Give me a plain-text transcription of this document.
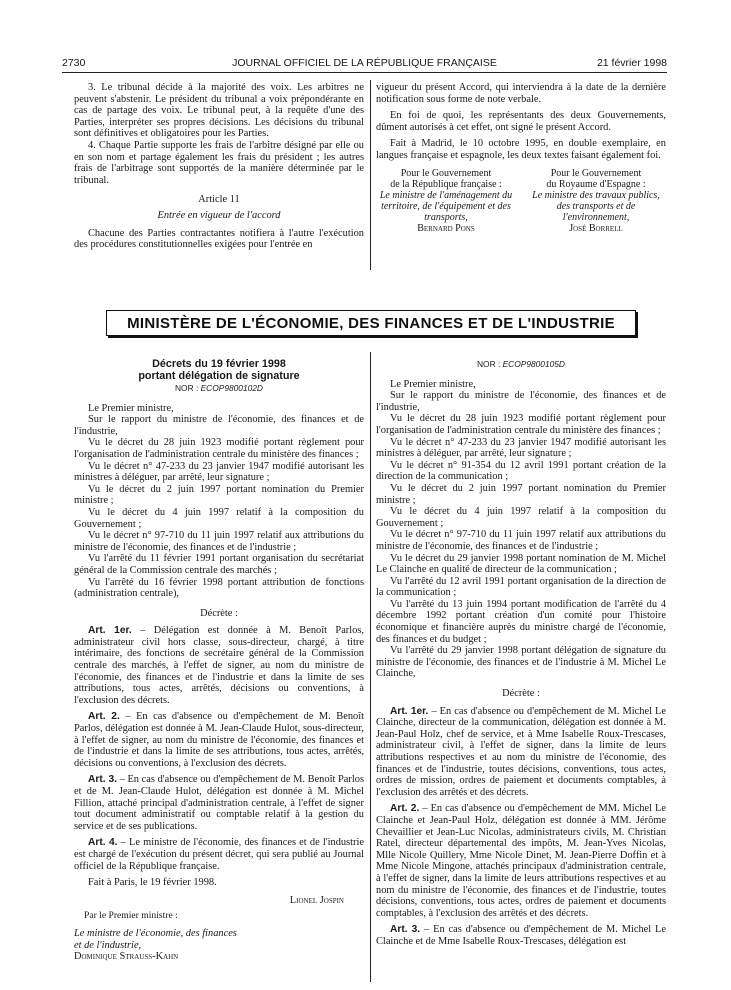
2730	JOURNAL OFFICIEL DE LA RÉPUBLIQUE FRANÇAISE	21 février 1998

3. Le tribunal décide à la majorité des voix. Les arbitres ne peuvent s'abstenir. Le président du tribunal a voix prépondérante en cas de partage des voix. Le tribunal peut, à la requête d'une des Parties, interpréter ses propres décisions. Les décisions du tribunal sont définitives et obligatoires pour les Parties.

4. Chaque Partie supporte les frais de l'arbitre désigné par elle ou en son nom et partage également les frais du président ; les autres frais de l'arbitrage sont supportés de la manière déterminée par le tribunal.

Article 11

Entrée en vigueur de l'accord

Chacune des Parties contractantes notifiera à l'autre l'exécution des procédures constitutionnelles exigées pour l'entrée en

vigueur du présent Accord, qui interviendra à la date de la dernière notification sous forme de note verbale.

En foi de quoi, les représentants des deux Gouvernements, dûment autorisés à cet effet, ont signé le présent Accord.

Fait à Madrid, le 10 octobre 1995, en double exemplaire, en langues française et espagnole, les deux textes faisant également foi.

Pour le Gouvernement
de la République française :
Le ministre de l'aménagement du territoire, de l'équipement et des transports,
Bernard Pons
Pour le Gouvernement
du Royaume d'Espagne :
Le ministre des travaux publics, des transports et de l'environnement,
José Borrell
MINISTÈRE DE L'ÉCONOMIE, DES FINANCES ET DE L'INDUSTRIE
Décrets du 19 février 1998
portant délégation de signature
NOR : ECOP9800102D

Le Premier ministre,

Sur le rapport du ministre de l'économie, des finances et de l'industrie,

Vu le décret du 28 juin 1923 modifié portant règlement pour l'organisation de l'administration centrale du ministère des finances ;

Vu le décret n° 47-233 du 23 janvier 1947 modifié autorisant les ministres à déléguer, par arrêté, leur signature ;

Vu le décret du 2 juin 1997 portant nomination du Premier ministre ;

Vu le décret du 4 juin 1997 relatif à la composition du Gouvernement ;

Vu le décret n° 97-710 du 11 juin 1997 relatif aux attributions du ministre de l'économie, des finances et de l'industrie ;

Vu l'arrêté du 11 février 1991 portant organisation du secrétariat général de la Commission centrale des marchés ;

Vu l'arrêté du 16 février 1998 portant attribution de fonctions (administration centrale),

Décrète :

Art. 1er. – Délégation est donnée à M. Benoît Parlos, administrateur civil hors classe, sous-directeur, chargé, à titre intérimaire, des fonctions de secrétaire général de la Commission centrale des marchés, à l'effet de signer, au nom du ministre de l'économie, des finances et de l'industrie et dans la limite de ses attributions, tous actes, arrêtés, décisions ou conventions, à l'exclusion des décrets.

Art. 2. – En cas d'absence ou d'empêchement de M. Benoît Parlos, délégation est donnée à M. Jean-Claude Hulot, sous-directeur, à l'effet de signer, au nom du ministre de l'économie, des finances et de l'industrie et dans la limite de ses attributions, tous actes, arrêtés, décisions ou conventions, à l'exclusion des décrets.

Art. 3. – En cas d'absence ou d'empêchement de M. Benoît Parlos et de M. Jean-Claude Hulot, délégation est donnée à M. Michel Fillion, attaché principal d'administration centrale, à l'effet de signer tout document administratif ou comptable relatif à la gestion du service et de ses publications.

Art. 4. – Le ministre de l'économie, des finances et de l'industrie est chargé de l'exécution du présent décret, qui sera publié au Journal officiel de la République française.

Fait à Paris, le 19 février 1998.

Lionel Jospin

Par le Premier ministre :

Le ministre de l'économie, des finances et de l'industrie,

Dominique Strauss-Kahn

NOR : ECOP9800105D

Le Premier ministre,

Sur le rapport du ministre de l'économie, des finances et de l'industrie,

Vu le décret du 28 juin 1923 modifié portant règlement pour l'organisation de l'administration centrale du ministère des finances ;

Vu le décret n° 47-233 du 23 janvier 1947 modifié autorisant les ministres à déléguer, par arrêté, leur signature ;

Vu le décret n° 91-354 du 12 avril 1991 portant création de la direction de la communication ;

Vu le décret du 2 juin 1997 portant nomination du Premier ministre ;

Vu le décret du 4 juin 1997 relatif à la composition du Gouvernement ;

Vu le décret n° 97-710 du 11 juin 1997 relatif aux attributions du ministre de l'économie, des finances et de l'industrie ;

Vu le décret du 29 janvier 1998 portant nomination de M. Michel Le Clainche en qualité de directeur de la communication ;

Vu l'arrêté du 12 avril 1991 portant organisation de la direction de la communication ;

Vu l'arrêté du 13 juin 1994 portant modification de l'arrêté du 4 décembre 1992 portant création d'un comité pour l'histoire économique et financière auprès du ministre chargé de l'économie, des finances et du budget ;

Vu l'arrêté du 29 janvier 1998 portant délégation de signature du ministre de l'économie, des finances et de l'industrie à M. Michel Le Clainche,

Décrète :

Art. 1er. – En cas d'absence ou d'empêchement de M. Michel Le Clainche, directeur de la communication, délégation est donnée à M. Jean-Paul Holz, chef de service, et à Mme Isabelle Roux-Trescases, administrateur civil, à l'effet de signer, dans la limite de leurs attributions respectives et au nom du ministre de l'économie, des finances et de l'industrie, toutes décisions, conventions, tous actes, ordres de mission, ordres de paiement et documents comptables, à l'exclusion des arrêtés et des décrets.

Art. 2. – En cas d'absence ou d'empêchement de MM. Michel Le Clainche et Jean-Paul Holz, délégation est donnée à MM. Jérôme Chevaillier et Jean-Luc Nicolas, administrateurs civils, M. Christian Ratel, directeur départemental des impôts, M. Jean-Yves Nicolas, Mlle Nicole Quillery, Mme Nicole Dinet, M. Jean-Pierre Doffin et à Mme Nicole Mingone, attachés principaux d'administration centrale, à l'effet de signer, dans la limite de leurs attributions respectives et au nom du ministre de l'économie, des finances et de l'industrie, toutes décisions, conventions, tous actes, ordres de paiement et documents comptables, à l'exclusion des arrêtés et des décrets.

Art. 3. – En cas d'absence ou d'empêchement de M. Michel Le Clainche et de Mme Isabelle Roux-Trescases, délégation est
